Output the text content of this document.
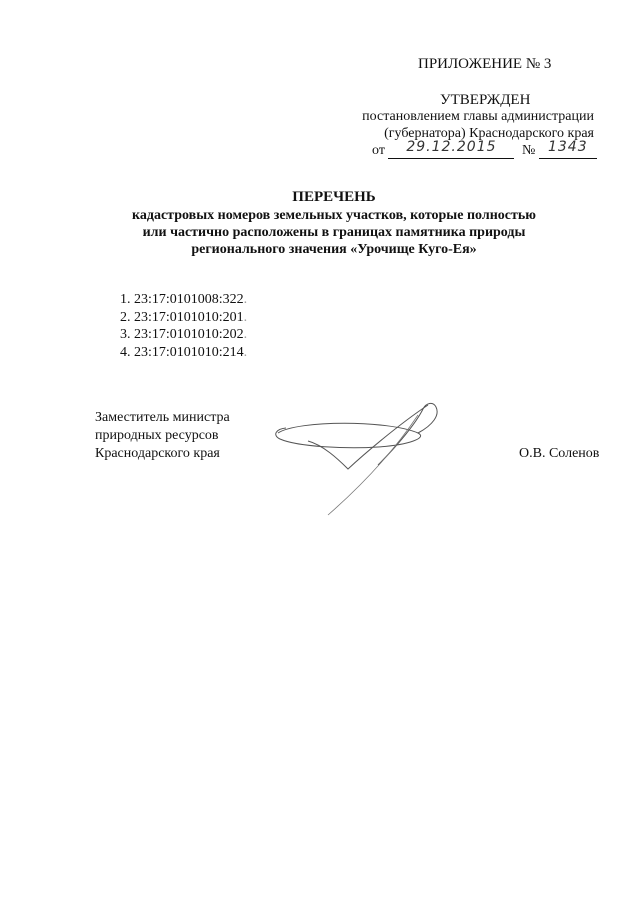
ПРИЛОЖЕНИЕ № 3
УТВЕРЖДЕН
постановлением главы администрации
(губернатора) Краснодарского края
от 29.12.2015 № 1343
ПЕРЕЧЕНЬ
кадастровых номеров земельных участков, которые полностью
или частично расположены в границах памятника природы
регионального значения «Урочище Куго-Ея»
1. 23:17:0101008:322.
2. 23:17:0101010:201.
3. 23:17:0101010:202.
4. 23:17:0101010:214.
Заместитель министра
природных ресурсов
Краснодарского края	О.В. Соленов
